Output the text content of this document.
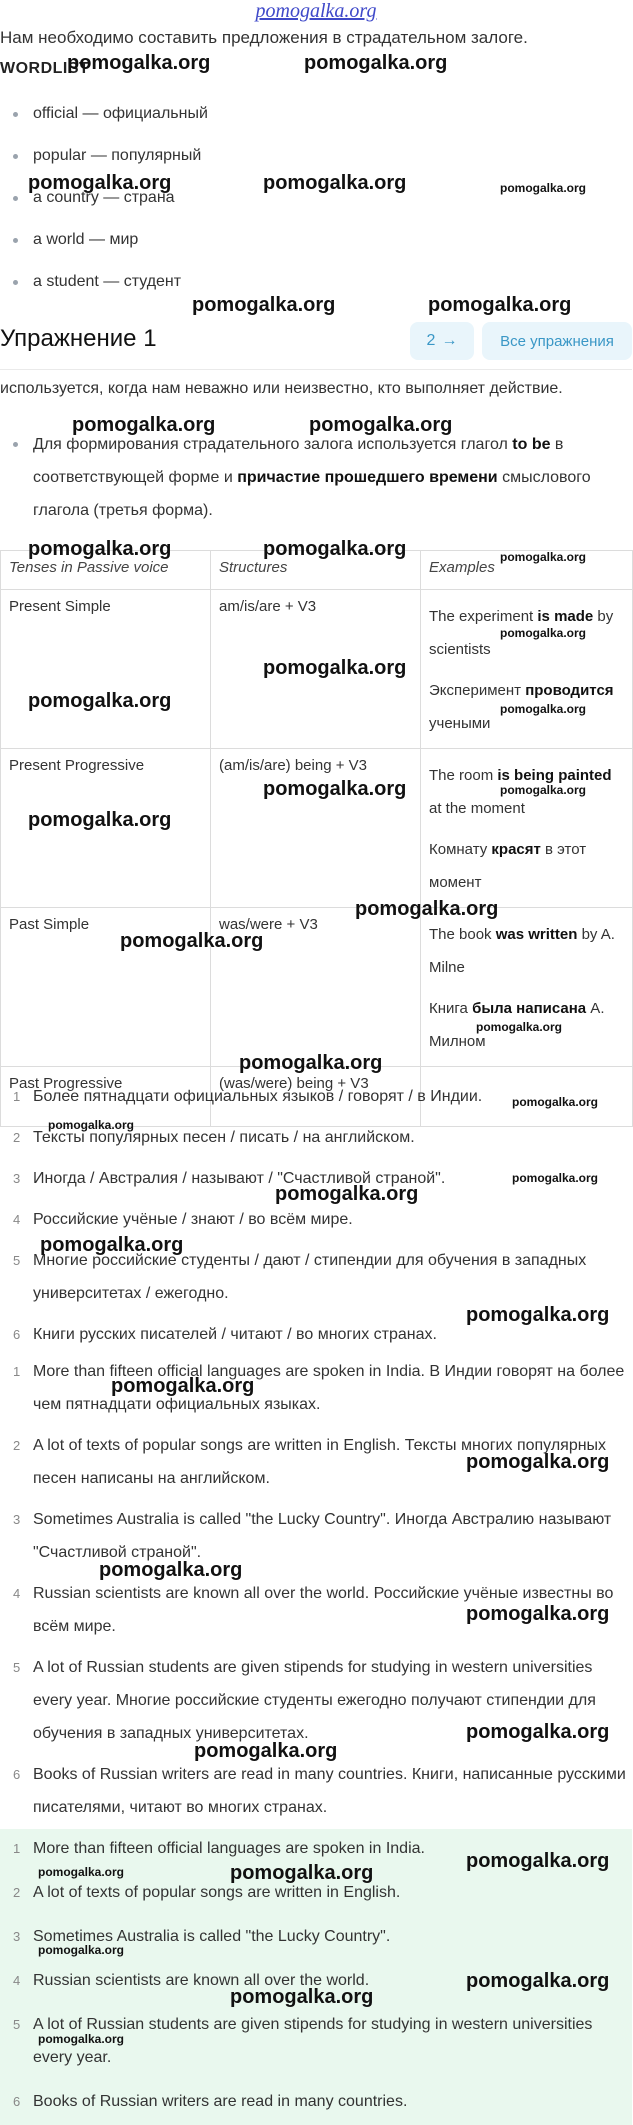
pomogalka.org
Нам необходимо составить предложения в страдательном залоге.
WORDLIST
official — официальный
popular — популярный
a country — страна
a world — мир
a student — студент
Упражнение 1	2 →	Все упражнения
используется, когда нам неважно или неизвестно, кто выполняет действие.
Для формирования страдательного залога используется глагол to be в соответствующей форме и причастие прошедшего времени смыслового глагола (третья форма).
Tenses in Passive voice	Structures	Examples
Present Simple	am/is/are + V3	The experiment is made by scientists
Эксперимент проводится учеными

Present Progressive	(am/is/are) being + V3	The room is being painted at the moment
Комнату красят в этот момент

Past Simple	was/were + V3	The book was written by A. Milne
Книга была написана А. Милном

Past Progressive	(was/were) being + V3	
1 Более пятнадцати официальных языков / говорят / в Индии.
2 Тексты популярных песен / писать / на английском.
3 Иногда / Австралия / называют / "Счастливой страной".
4 Российские учёные / знают / во всём мире.
5 Многие российские студенты / дают / стипендии для обучения в западных университетах / ежегодно.
6 Книги русских писателей / читают / во многих странах.
1 More than fifteen official languages are spoken in India. В Индии говорят на более чем пятнадцати официальных языках.
2 A lot of texts of popular songs are written in English. Тексты многих популярных песен написаны на английском.
3 Sometimes Australia is called "the Lucky Country". Иногда Австралию называют "Счастливой страной".
4 Russian scientists are known all over the world. Российские учёные известны во всём мире.
5 A lot of Russian students are given stipends for studying in western universities every year. Многие российские студенты ежегодно получают стипендии для обучения в западных университетах.
6 Books of Russian writers are read in many countries. Книги, написанные русскими писателями, читают во многих странах.
1 More than fifteen official languages are spoken in India.
2 A lot of texts of popular songs are written in English.
3 Sometimes Australia is called "the Lucky Country".
4 Russian scientists are known all over the world.
5 A lot of Russian students are given stipends for studying in western universities every year.
6 Books of Russian writers are read in many countries.
pomogalka.org	pomogalka.org
pomogalka.org	pomogalka.org	pomogalka.org
pomogalka.org	pomogalka.org
pomogalka.org	pomogalka.org
pomogalka.org	pomogalka.org	pomogalka.org
pomogalka.org
pomogalka.org
pomogalka.org	pomogalka.org
pomogalka.org	pomogalka.org
pomogalka.org
pomogalka.org
pomogalka.org
pomogalka.org
pomogalka.org
pomogalka.org
pomogalka.org
pomogalka.org
pomogalka.org
pomogalka.org
pomogalka.org
pomogalka.org
pomogalka.org
pomogalka.org
pomogalka.org
pomogalka.org
pomogalka.org
pomogalka.org
pomogalka.org	pomogalka.org
pomogalka.org
pomogalka.org
pomogalka.org
pomogalka.org
